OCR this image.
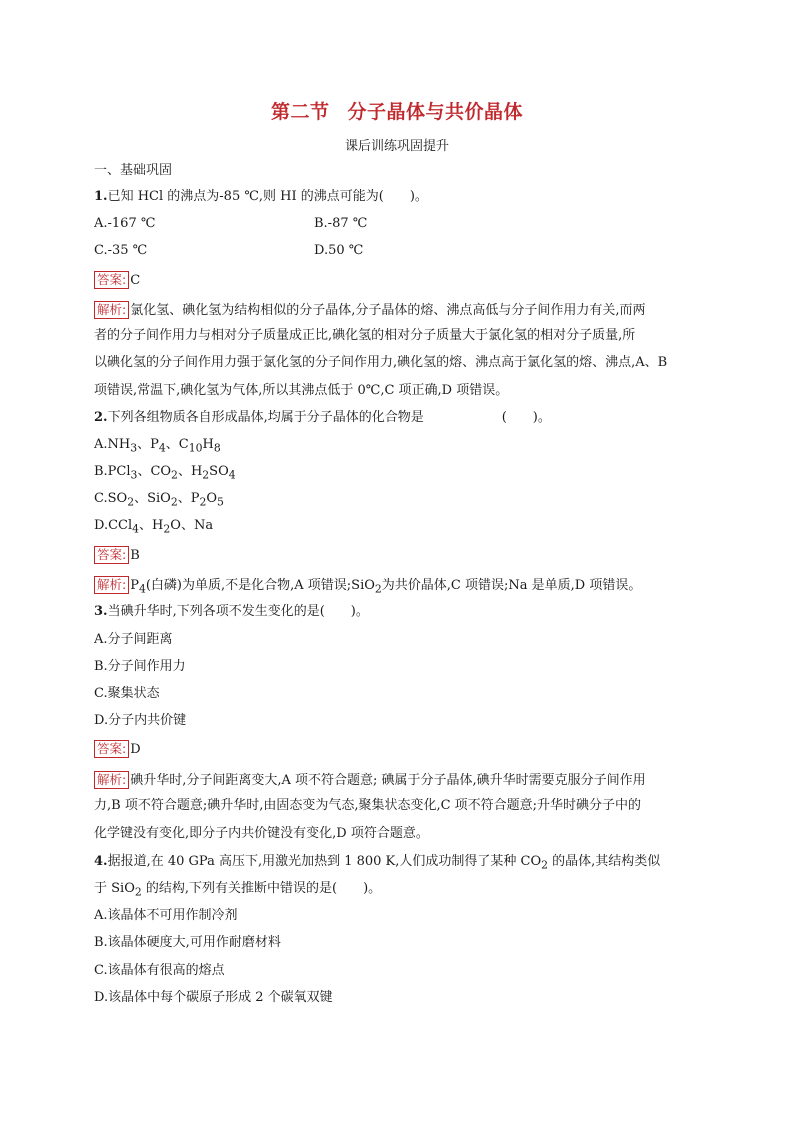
第二节 分子晶体与共价晶体
课后训练巩固提升
一、基础巩固
1.已知 HCl 的沸点为-85 ℃,则 HI 的沸点可能为(　　)。
A.-167 ℃	B.-87 ℃
C.-35 ℃	D.50 ℃
答案: C
解析: 氯化氢、碘化氢为结构相似的分子晶体,分子晶体的熔、沸点高低与分子间作用力有关,而两
者的分子间作用力与相对分子质量成正比,碘化氢的相对分子质量大于氯化氢的相对分子质量,所
以碘化氢的分子间作用力强于氯化氢的分子间作用力,碘化氢的熔、沸点高于氯化氢的熔、沸点,A、B
项错误,常温下,碘化氢为气体,所以其沸点低于 0℃,C 项正确,D 项错误。
2.下列各组物质各自形成晶体,均属于分子晶体的化合物是　　　　　　(　　)。
$A.NH_3$、$P_4$、$C_{10}H_8$
B.PCl$_3$、$CO_2$、$H_2SO_4$
$C.SO_2$、SiO$_2$、$P_2O_5$
D.CCl$_4$、$H_2O$、Na
答案: B
解析: $P_4$(白磷)为单质,不是化合物,A 项错误;SiO$_2$为共价晶体,C 项错误;Na 是单质,D 项错误。
3.当碘升华时,下列各项不发生变化的是(　　)。
A.分子间距离
B.分子间作用力
C.聚集状态
D.分子内共价键
答案: D
解析: 碘升华时,分子间距离变大,A 项不符合题意; 碘属于分子晶体,碘升华时需要克服分子间作用
力,B 项不符合题意;碘升华时,由固态变为气态,聚集状态变化,C 项不符合题意;升华时碘分子中的
化学键没有变化,即分子内共价键没有变化,D 项符合题意。
4.据报道,在 40 GPa 高压下,用激光加热到 1 800 K,人们成功制得了某种 $CO_2$ 的晶体,其结构类似
于 SiO$_2$ 的结构,下列有关推断中错误的是(　　)。
A.该晶体不可用作制冷剂
B.该晶体硬度大,可用作耐磨材料
C.该晶体有很高的熔点
D.该晶体中每个碳原子形成 2 个碳氧双键
